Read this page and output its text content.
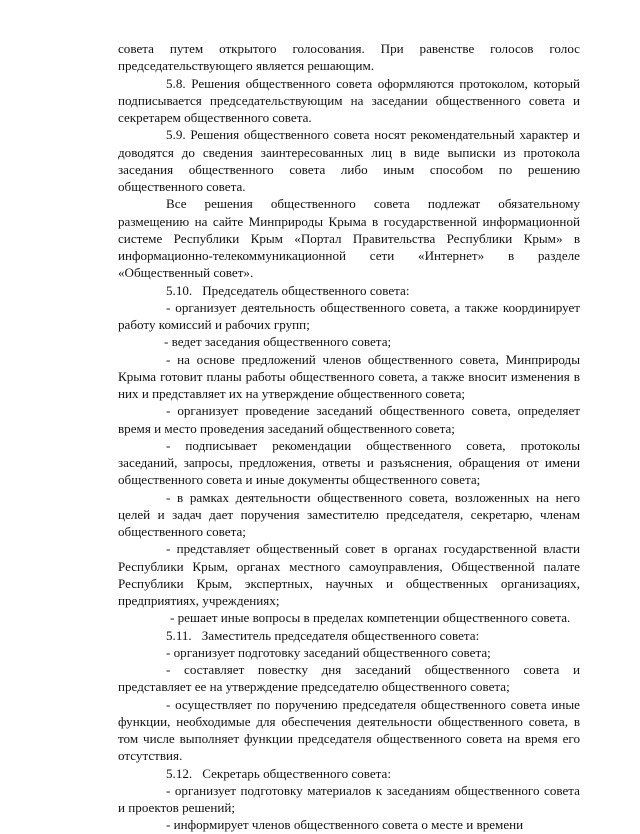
совета путем открытого голосования. При равенстве голосов голос председательствующего является решающим.

5.8. Решения общественного совета оформляются протоколом, который подписывается председательствующим на заседании общественного совета и секретарем общественного совета.

5.9. Решения общественного совета носят рекомендательный характер и доводятся до сведения заинтересованных лиц в виде выписки из протокола заседания общественного совета либо иным способом по решению общественного совета.

Все решения общественного совета подлежат обязательному размещению на сайте Минприроды Крыма в государственной информационной системе Республики Крым «Портал Правительства Республики Крым» в информационно-телекоммуникационной сети «Интернет» в разделе «Общественный совет».

5.10. Председатель общественного совета:

- организует деятельность общественного совета, а также координирует работу комиссий и рабочих групп;

- ведет заседания общественного совета;

- на основе предложений членов общественного совета, Минприроды Крыма готовит планы работы общественного совета, а также вносит изменения в них и представляет их на утверждение общественного совета;

- организует проведение заседаний общественного совета, определяет время и место проведения заседаний общественного совета;

- подписывает рекомендации общественного совета, протоколы заседаний, запросы, предложения, ответы и разъяснения, обращения от имени общественного совета и иные документы общественного совета;

- в рамках деятельности общественного совета, возложенных на него целей и задач дает поручения заместителю председателя, секретарю, членам общественного совета;

- представляет общественный совет в органах государственной власти Республики Крым, органах местного самоуправления, Общественной палате Республики Крым, экспертных, научных и общественных организациях, предприятиях, учреждениях;

- решает иные вопросы в пределах компетенции общественного совета.

5.11. Заместитель председателя общественного совета:

- организует подготовку заседаний общественного совета;

- составляет повестку дня заседаний общественного совета и представляет ее на утверждение председателю общественного совета;

- осуществляет по поручению председателя общественного совета иные функции, необходимые для обеспечения деятельности общественного совета, в том числе выполняет функции председателя общественного совета на время его отсутствия.

5.12. Секретарь общественного совета:

- организует подготовку материалов к заседаниям общественного совета и проектов решений;

- информирует членов общественного совета о месте и времени
